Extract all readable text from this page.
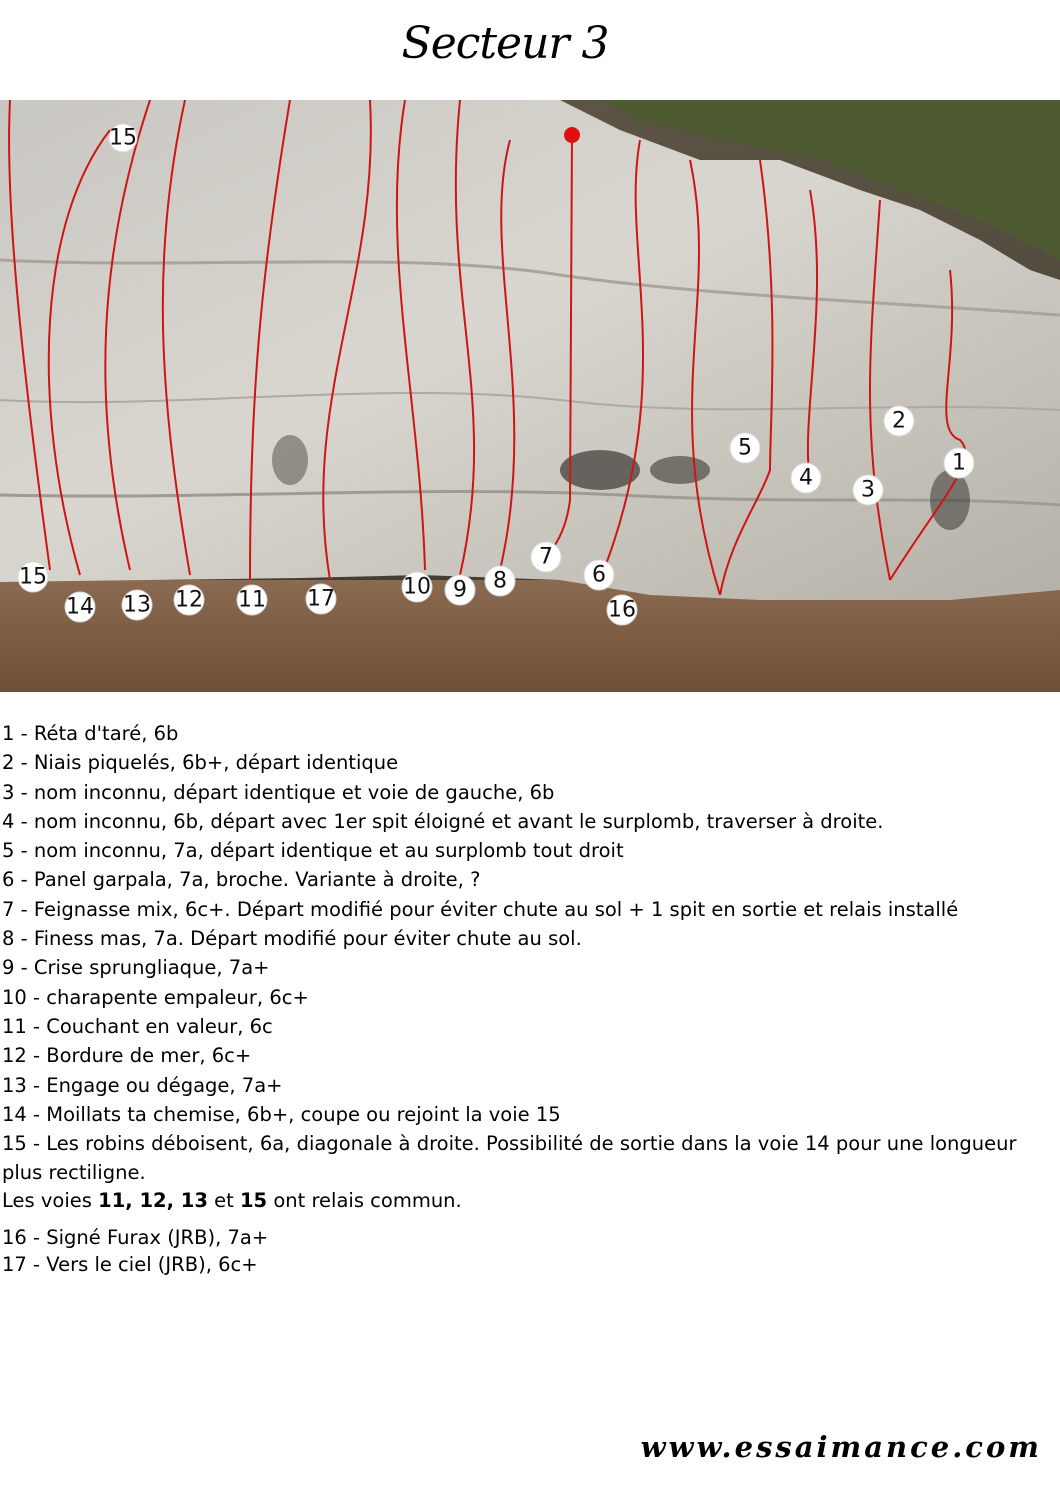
Secteur 3
15
15
14 13 12 11 17	10 9 8
7
6
16
5
4 3
2
1
1 - Réta d'taré, 6b
2 - Niais piquelés, 6b+, départ identique
3 - nom inconnu, départ identique et voie de gauche, 6b
4 - nom inconnu, 6b, départ avec 1er spit éloigné et avant le surplomb, traverser à droite.
5 - nom inconnu, 7a, départ identique et au surplomb tout droit
6 - Panel garpala, 7a, broche. Variante à droite, ?
7 - Feignasse mix, 6c+. Départ modifié pour éviter chute au sol + 1 spit en sortie et relais installé
8 - Finess mas, 7a. Départ modifié pour éviter chute au sol.
9 - Crise sprungliaque, 7a+
10 - charapente empaleur, 6c+
11 - Couchant en valeur, 6c
12 - Bordure de mer, 6c+
13 - Engage ou dégage, 7a+
14 - Moillats ta chemise, 6b+, coupe ou rejoint la voie 15
15 - Les robins déboisent, 6a, diagonale à droite. Possibilité de sortie dans la voie 14 pour une longueur plus rectiligne.
Les voies 11, 12, 13 et 15 ont relais commun.
16 - Signé Furax (JRB), 7a+
17 - Vers le ciel (JRB), 6c+
www.essaimance.com
